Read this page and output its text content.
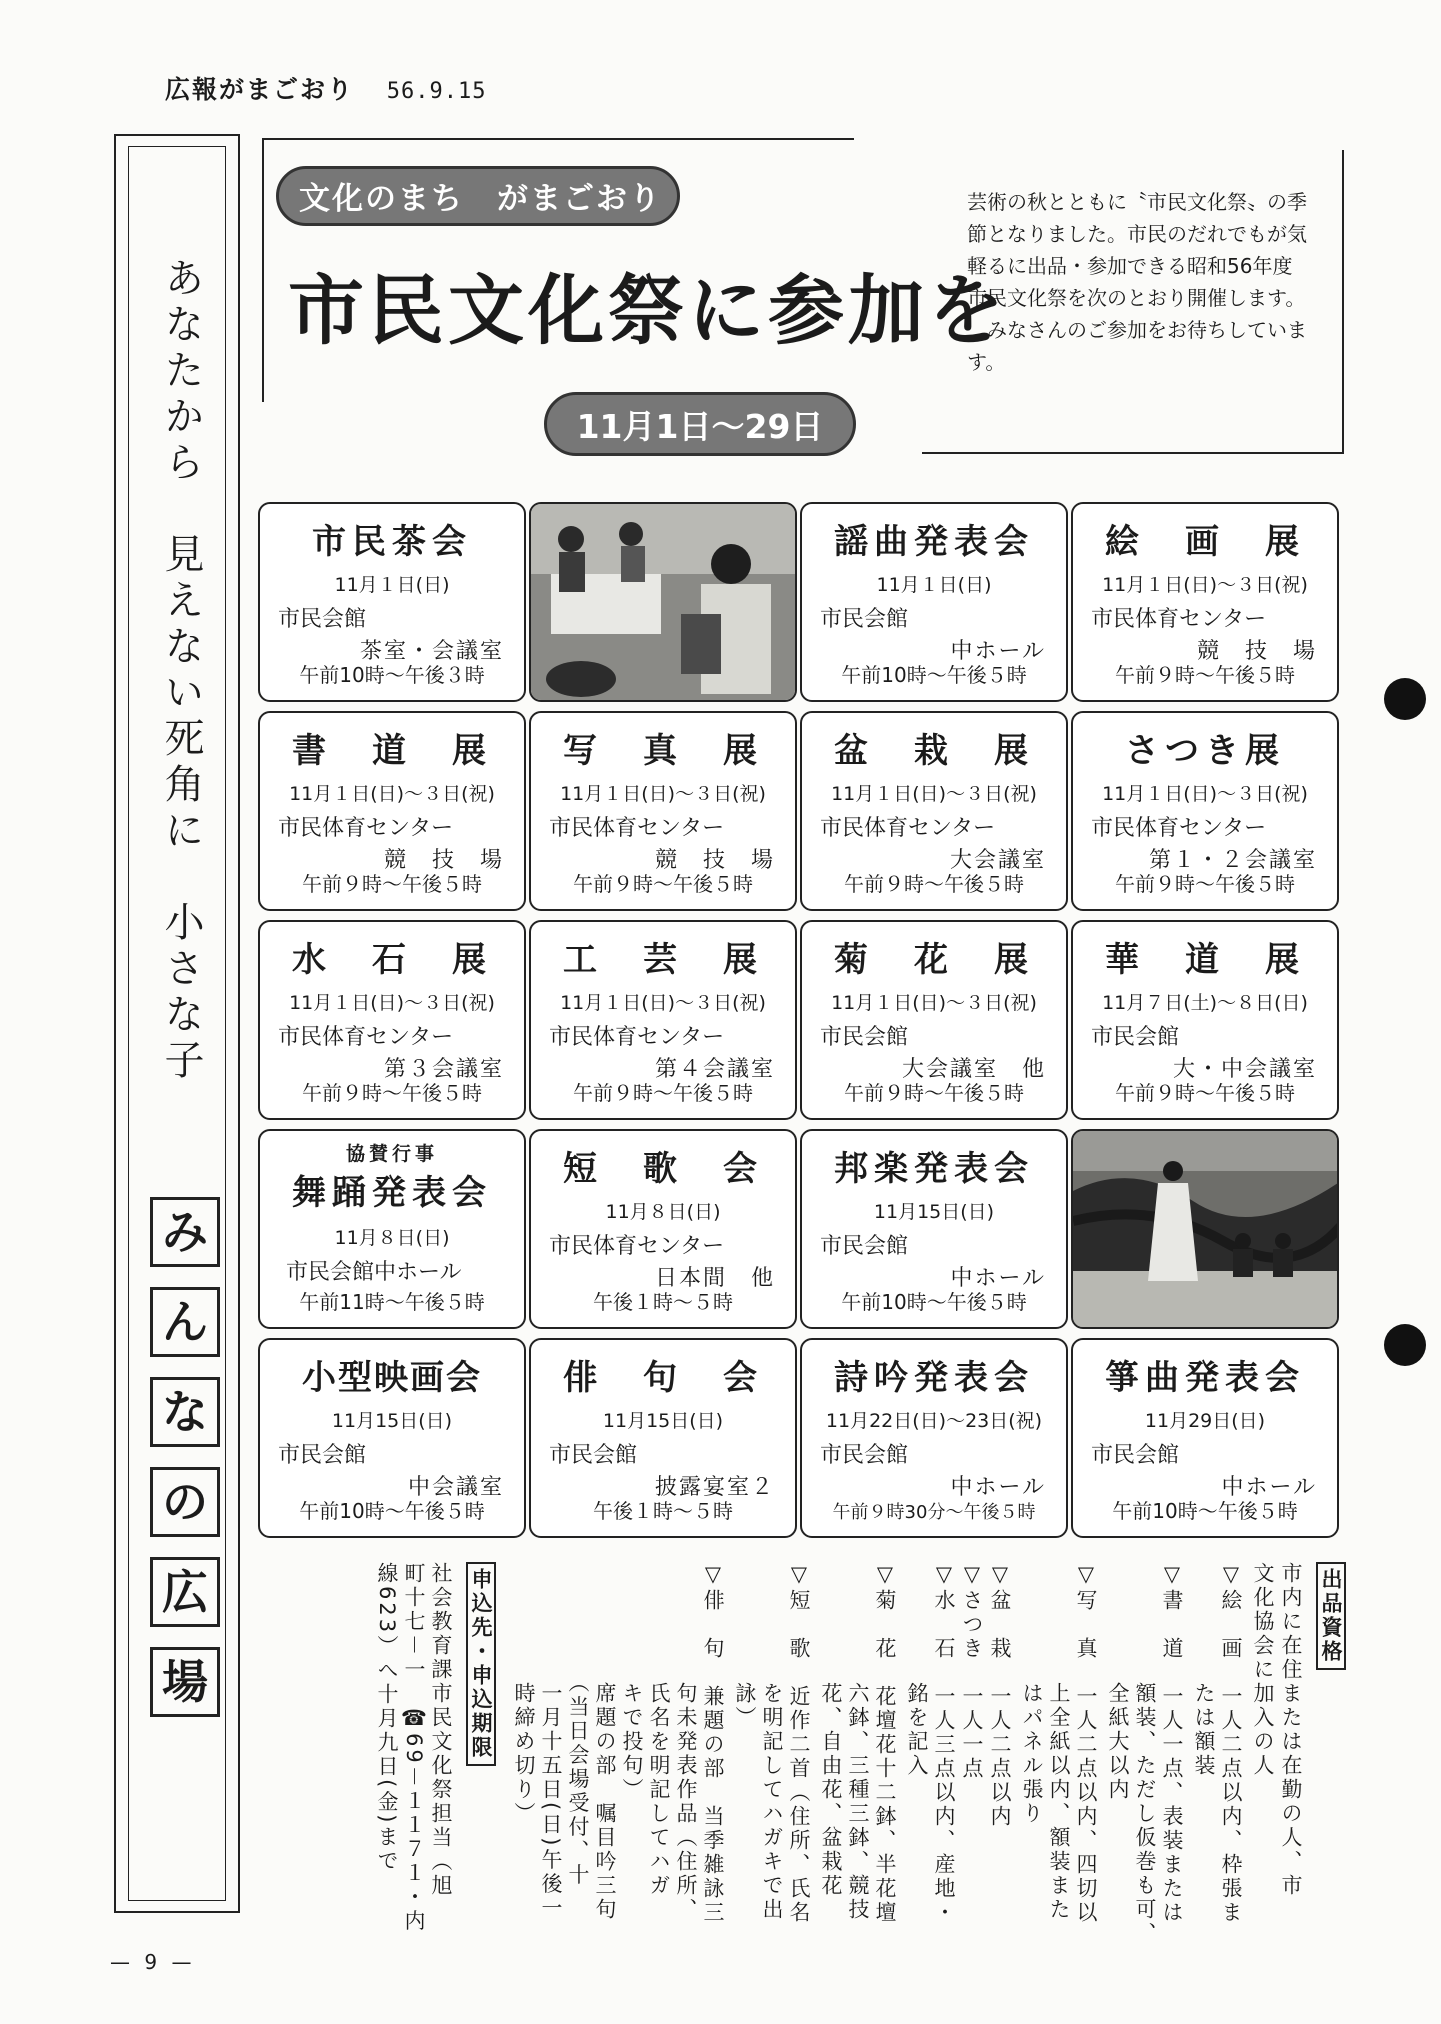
広報がまごおり 56.9.15
あなたから　見えない死角に　小さな子
み
ん
な
の
広
場
文化のまち　がまごおり
市民文化祭に参加を
11月1日～29日

芸術の秋とともに〝市民文化祭〟の季節となりました。市民のだれでもが気軽るに出品・参加できる昭和56年度市民文化祭を次のとおり開催します。

みなさんのご参加をお待ちしています。

市民茶会
11月１日(日)
市民会館
茶室・会議室
午前10時～午後３時
謡曲発表会
11月１日(日)
市民会館
中ホール
午前10時～午後５時
絵　画　展
11月１日(日)～３日(祝)
市民体育センター
競　技　場
午前９時～午後５時
書　道　展
11月１日(日)～３日(祝)
市民体育センター
競　技　場
午前９時～午後５時
写　真　展
11月１日(日)～３日(祝)
市民体育センター
競　技　場
午前９時～午後５時
盆　栽　展
11月１日(日)～３日(祝)
市民体育センター
大会議室
午前９時～午後５時
さつき展
11月１日(日)～３日(祝)
市民体育センター
第１・２会議室
午前９時～午後５時
水　石　展
11月１日(日)～３日(祝)
市民体育センター
第３会議室
午前９時～午後５時
工　芸　展
11月１日(日)～３日(祝)
市民体育センター
第４会議室
午前９時～午後５時
菊　花　展
11月１日(日)～３日(祝)
市民会館
大会議室　他
午前９時～午後５時
華　道　展
11月７日(土)～８日(日)
市民会館
大・中会議室
午前９時～午後５時
協賛行事
舞踊発表会
11月８日(日)
市民会館中ホール
午前11時～午後５時
短　歌　会
11月８日(日)
市民体育センター
日本間　他
午後１時～５時
邦楽発表会
11月15日(日)
市民会館
中ホール
午前10時～午後５時
小型映画会
11月15日(日)
市民会館
中会議室
午前10時～午後５時
俳　句　会
11月15日(日)
市民会館
披露宴室２
午後１時～５時
詩吟発表会
11月22日(日)～23日(祝)
市民会館
中ホール
午前９時30分～午後５時
箏曲発表会
11月29日(日)
市民会館
中ホール
午前10時～午後５時
出品資格
市内に在住または在勤の人、市
文化協会に加入の人
▽絵　画　一人二点以内、枠張ま
　　　　　たは額装
▽書　道　一人一点、表装または
　　　　　額装、ただし仮巻も可、
　　　　　全紙大以内
▽写　真　一人二点以内、四切以
　　　　　上全紙以内、額装また
　　　　　はパネル張り
▽盆　栽　一人二点以内
▽さつき　一人一点
▽水　石　一人三点以内、産地・
　　　　　銘を記入
▽菊　花　花壇花十二鉢、半花壇
　　　　　六鉢、三種三鉢、競技
　　　　　花、自由花、盆栽花
▽短　歌　近作二首（住所、氏名
　　　　　を明記してハガキで出
　　　　　詠）
▽俳　句　兼題の部　当季雑詠三
　　　　　句未発表作品（住所、
　　　　　氏名を明記してハガ
　　　　　キで投句）
　　　　　席題の部　嘱目吟三句
　　　　　（当日会場受付、十
　　　　　一月十五日(日)午後一
　　　　　時締め切り）
申込先・申込期限
社会教育課市民文化祭担当（旭
町十七－一　☎69－１１７１・内
線623）へ十月九日(金)まで
— 9 —
